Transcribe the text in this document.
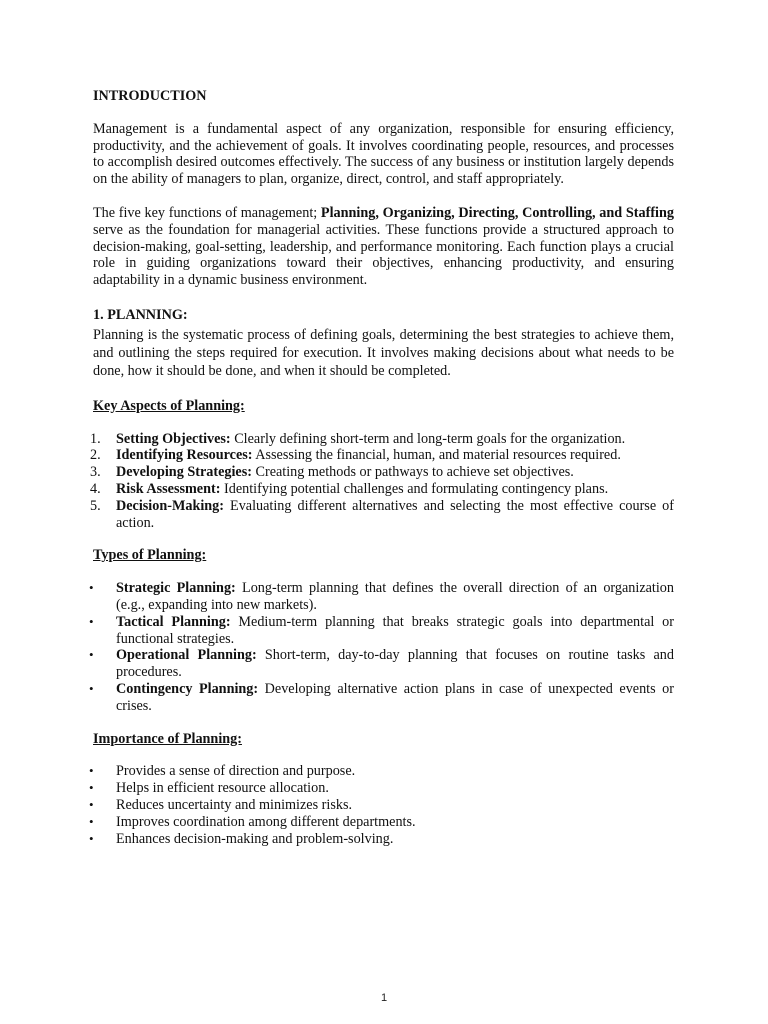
INTRODUCTION

Management is a fundamental aspect of any organization, responsible for ensuring efficiency, productivity, and the achievement of goals. It involves coordinating people, resources, and processes to accomplish desired outcomes effectively. The success of any business or institution largely depends on the ability of managers to plan, organize, direct, control, and staff appropriately.

The five key functions of management; Planning, Organizing, Directing, Controlling, and Staffing serve as the foundation for managerial activities. These functions provide a structured approach to decision-making, goal-setting, leadership, and performance monitoring. Each function plays a crucial role in guiding organizations toward their objectives, enhancing productivity, and ensuring adaptability in a dynamic business environment.

1. PLANNING:

Planning is the systematic process of defining goals, determining the best strategies to achieve them, and outlining the steps required for execution. It involves making decisions about what needs to be done, how it should be done, and when it should be completed.

Key Aspects of Planning:

1. Setting Objectives: Clearly defining short-term and long-term goals for the organization.
2. Identifying Resources: Assessing the financial, human, and material resources required.
3. Developing Strategies: Creating methods or pathways to achieve set objectives.
4. Risk Assessment: Identifying potential challenges and formulating contingency plans.
5. Decision-Making: Evaluating different alternatives and selecting the most effective course of action.

Types of Planning:

• Strategic Planning: Long-term planning that defines the overall direction of an organization (e.g., expanding into new markets).
• Tactical Planning: Medium-term planning that breaks strategic goals into departmental or functional strategies.
• Operational Planning: Short-term, day-to-day planning that focuses on routine tasks and procedures.
• Contingency Planning: Developing alternative action plans in case of unexpected events or crises.

Importance of Planning:

• Provides a sense of direction and purpose.
• Helps in efficient resource allocation.
• Reduces uncertainty and minimizes risks.
• Improves coordination among different departments.
• Enhances decision-making and problem-solving.
1
